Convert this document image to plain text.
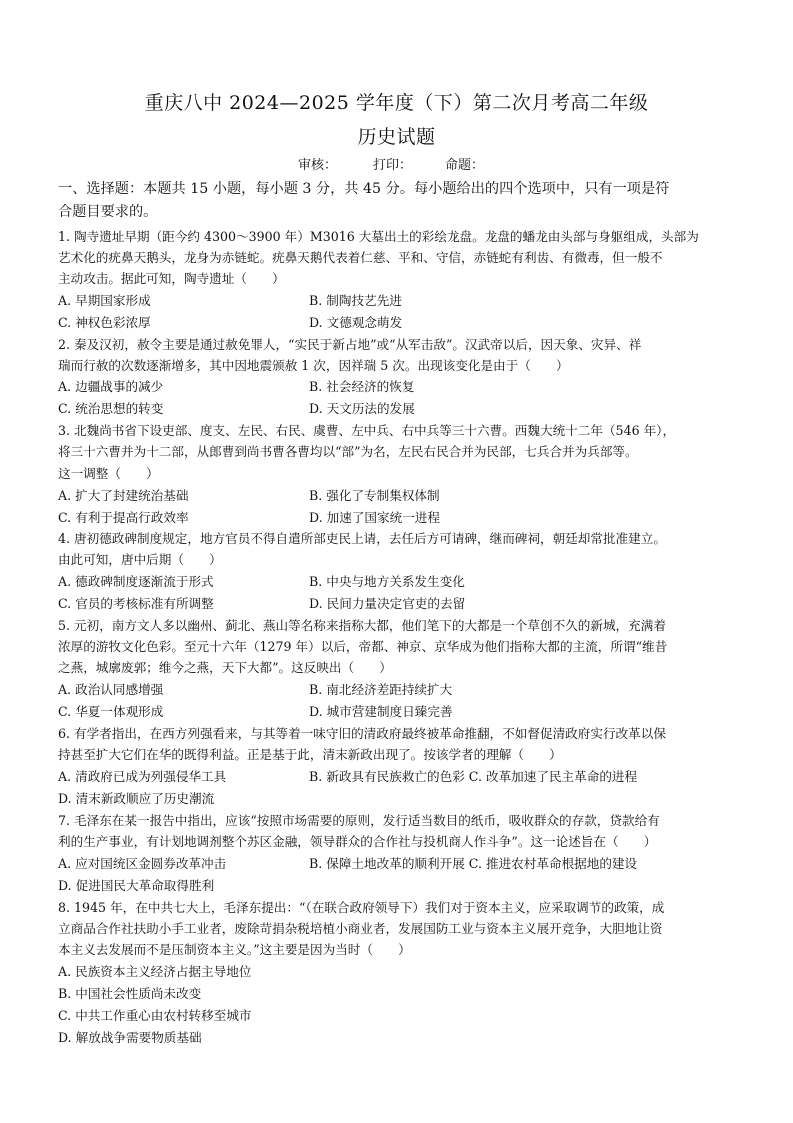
重庆八中 2024—2025 学年度（下）第二次月考高二年级
历史试题
审核：	打印：	命题：
一、选择题：本题共 15 小题，每小题 3 分，共 45 分。每小题给出的四个选项中，只有一项是符
合题目要求的。
1. 陶寺遗址早期（距今约 4300～3900 年）M3016 大墓出土的彩绘龙盘。龙盘的蟠龙由头部与身躯组成，头部为
艺术化的疣鼻天鹅头，龙身为赤链蛇。疣鼻天鹅代表着仁慈、平和、守信，赤链蛇有利齿、有微毒，但一般不
主动攻击。据此可知，陶寺遗址（　　）
A. 早期国家形成	B. 制陶技艺先进
C. 神权色彩浓厚	D. 文德观念萌发
2. 秦及汉初，赦令主要是通过赦免罪人，“实民于新占地”或“从军击敌”。汉武帝以后，因天象、灾异、祥
瑞而行赦的次数逐渐增多，其中因地震颁赦 1 次，因祥瑞 5 次。出现该变化是由于（　　）
A. 边疆战事的减少	B. 社会经济的恢复
C. 统治思想的转变	D. 天文历法的发展
3. 北魏尚书省下设吏部、度支、左民、右民、虞曹、左中兵、右中兵等三十六曹。西魏大统十二年（546 年），
将三十六曹并为十二部，从郎曹到尚书曹各曹均以“部”为名，左民右民合并为民部，七兵合并为兵部等。
这一调整（　　）
A. 扩大了封建统治基础	B. 强化了专制集权体制
C. 有利于提高行政效率	D. 加速了国家统一进程
4. 唐初德政碑制度规定，地方官员不得自遣所部吏民上请，去任后方可请碑，继而碑祠，朝廷却常批准建立。
由此可知，唐中后期（　　）
A. 德政碑制度逐渐流于形式	B. 中央与地方关系发生变化
C. 官员的考核标准有所调整	D. 民间力量决定官吏的去留
5. 元初，南方文人多以幽州、蓟北、燕山等名称来指称大都，他们笔下的大都是一个草创不久的新城，充满着
浓厚的游牧文化色彩。至元十六年（1279 年）以后，帝都、神京、京华成为他们指称大都的主流，所谓“维昔
之燕，城廓废郭；维今之燕，天下大都”。这反映出（　　）
A. 政治认同感增强	B. 南北经济差距持续扩大
C. 华夏一体观形成	D. 城市营建制度日臻完善
6. 有学者指出，在西方列强看来，与其等着一味守旧的清政府最终被革命推翻，不如督促清政府实行改革以保
持甚至扩大它们在华的既得利益。正是基于此，清末新政出现了。按该学者的理解（　　）
A. 清政府已成为列强侵华工具	B. 新政具有民族救亡的色彩 C. 改革加速了民主革命的进程
D. 清末新政顺应了历史潮流
7. 毛泽东在某一报告中指出，应该“按照市场需要的原则，发行适当数目的纸币，吸收群众的存款，贷款给有
利的生产事业，有计划地调剂整个苏区金融，领导群众的合作社与投机商人作斗争”。这一论述旨在（　　）
A. 应对国统区金圆券改革冲击	B. 保障土地改革的顺利开展 C. 推进农村革命根据地的建设
D. 促进国民大革命取得胜利
8. 1945 年，在中共七大上，毛泽东提出：“（在联合政府领导下）我们对于资本主义，应采取调节的政策，成
立商品合作社扶助小手工业者，废除苛捐杂税培植小商业者，发展国防工业与资本主义展开竞争，大胆地让资
本主义去发展而不是压制资本主义。”这主要是因为当时（　　）
A. 民族资本主义经济占据主导地位
B. 中国社会性质尚未改变
C. 中共工作重心由农村转移至城市
D. 解放战争需要物质基础
